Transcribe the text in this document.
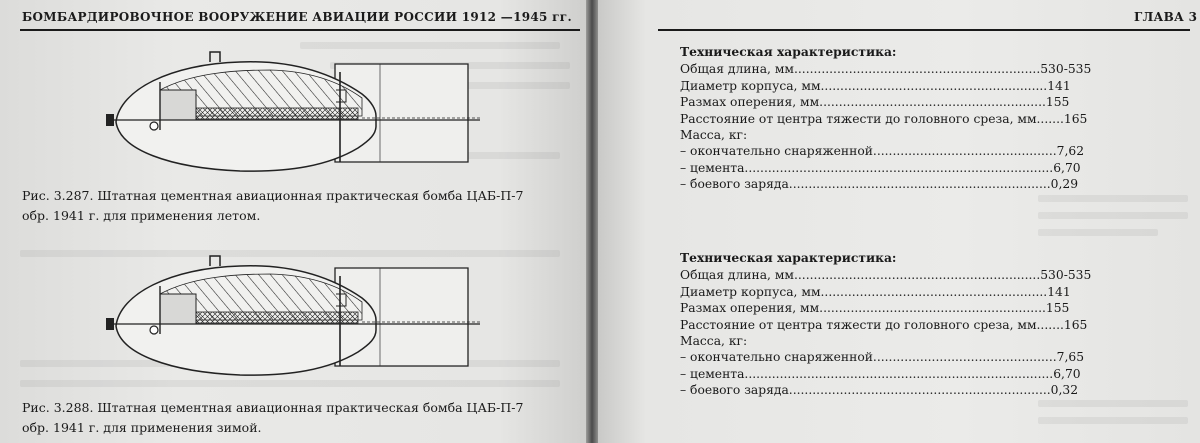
БОМБАРДИРОВОЧНОЕ ВООРУЖЕНИЕ АВИАЦИИ РОССИИ 1912 —1945 гг.
Рис. 3.287. Штатная цементная авиационная практическая бомба ЦАБ-П-7
обр. 1941 г. для применения летом.
Рис. 3.288. Штатная цементная авиационная практическая бомба ЦАБ-П-7
обр. 1941 г. для применения зимой.
ГЛАВА 3
Техническая характеристика:
Общая длина, мм...............................................................530-535
Диаметр корпуса, мм..........................................................141
Размах оперения, мм..........................................................155
Расстояние от центра тяжести до головного среза, мм.......165
Масса, кг:
– окончательно снаряженной...............................................7,62
– цемента...............................................................................6,70
– боевого заряда...................................................................0,29
Техническая характеристика:
Общая длина, мм...............................................................530-535
Диаметр корпуса, мм..........................................................141
Размах оперения, мм..........................................................155
Расстояние от центра тяжести до головного среза, мм.......165
Масса, кг:
– окончательно снаряженной...............................................7,65
– цемента...............................................................................6,70
– боевого заряда...................................................................0,32
